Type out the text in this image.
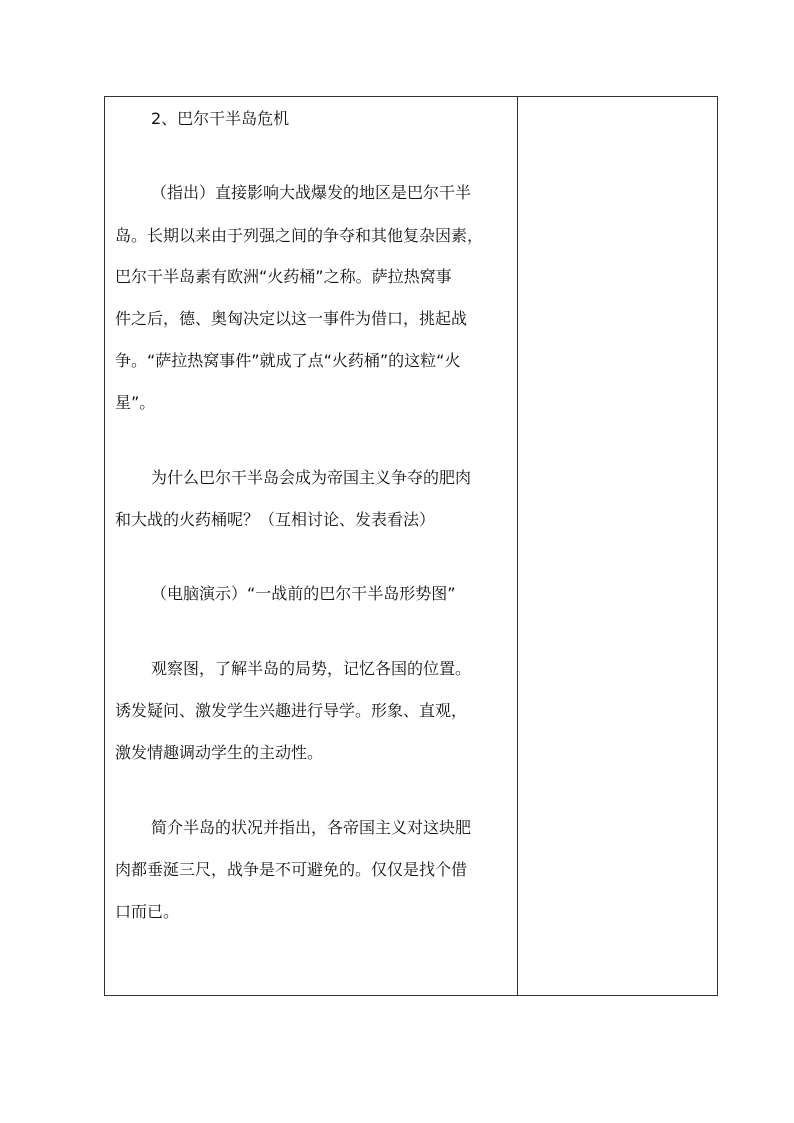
2、巴尔干半岛危机
（指出）直接影响大战爆发的地区是巴尔干半
岛。长期以来由于列强之间的争夺和其他复杂因素，
巴尔干半岛素有欧洲“火药桶”之称。萨拉热窝事
件之后，德、奥匈决定以这一事件为借口，挑起战
争。“萨拉热窝事件”就成了点“火药桶”的这粒“火
星”。
为什么巴尔干半岛会成为帝国主义争夺的肥肉
和大战的火药桶呢？（互相讨论、发表看法）
（电脑演示）“一战前的巴尔干半岛形势图”
观察图，了解半岛的局势，记忆各国的位置。
诱发疑问、激发学生兴趣进行导学。形象、直观，
激发情趣调动学生的主动性。
简介半岛的状况并指出，各帝国主义对这块肥
肉都垂涎三尺，战争是不可避免的。仅仅是找个借
口而已。
